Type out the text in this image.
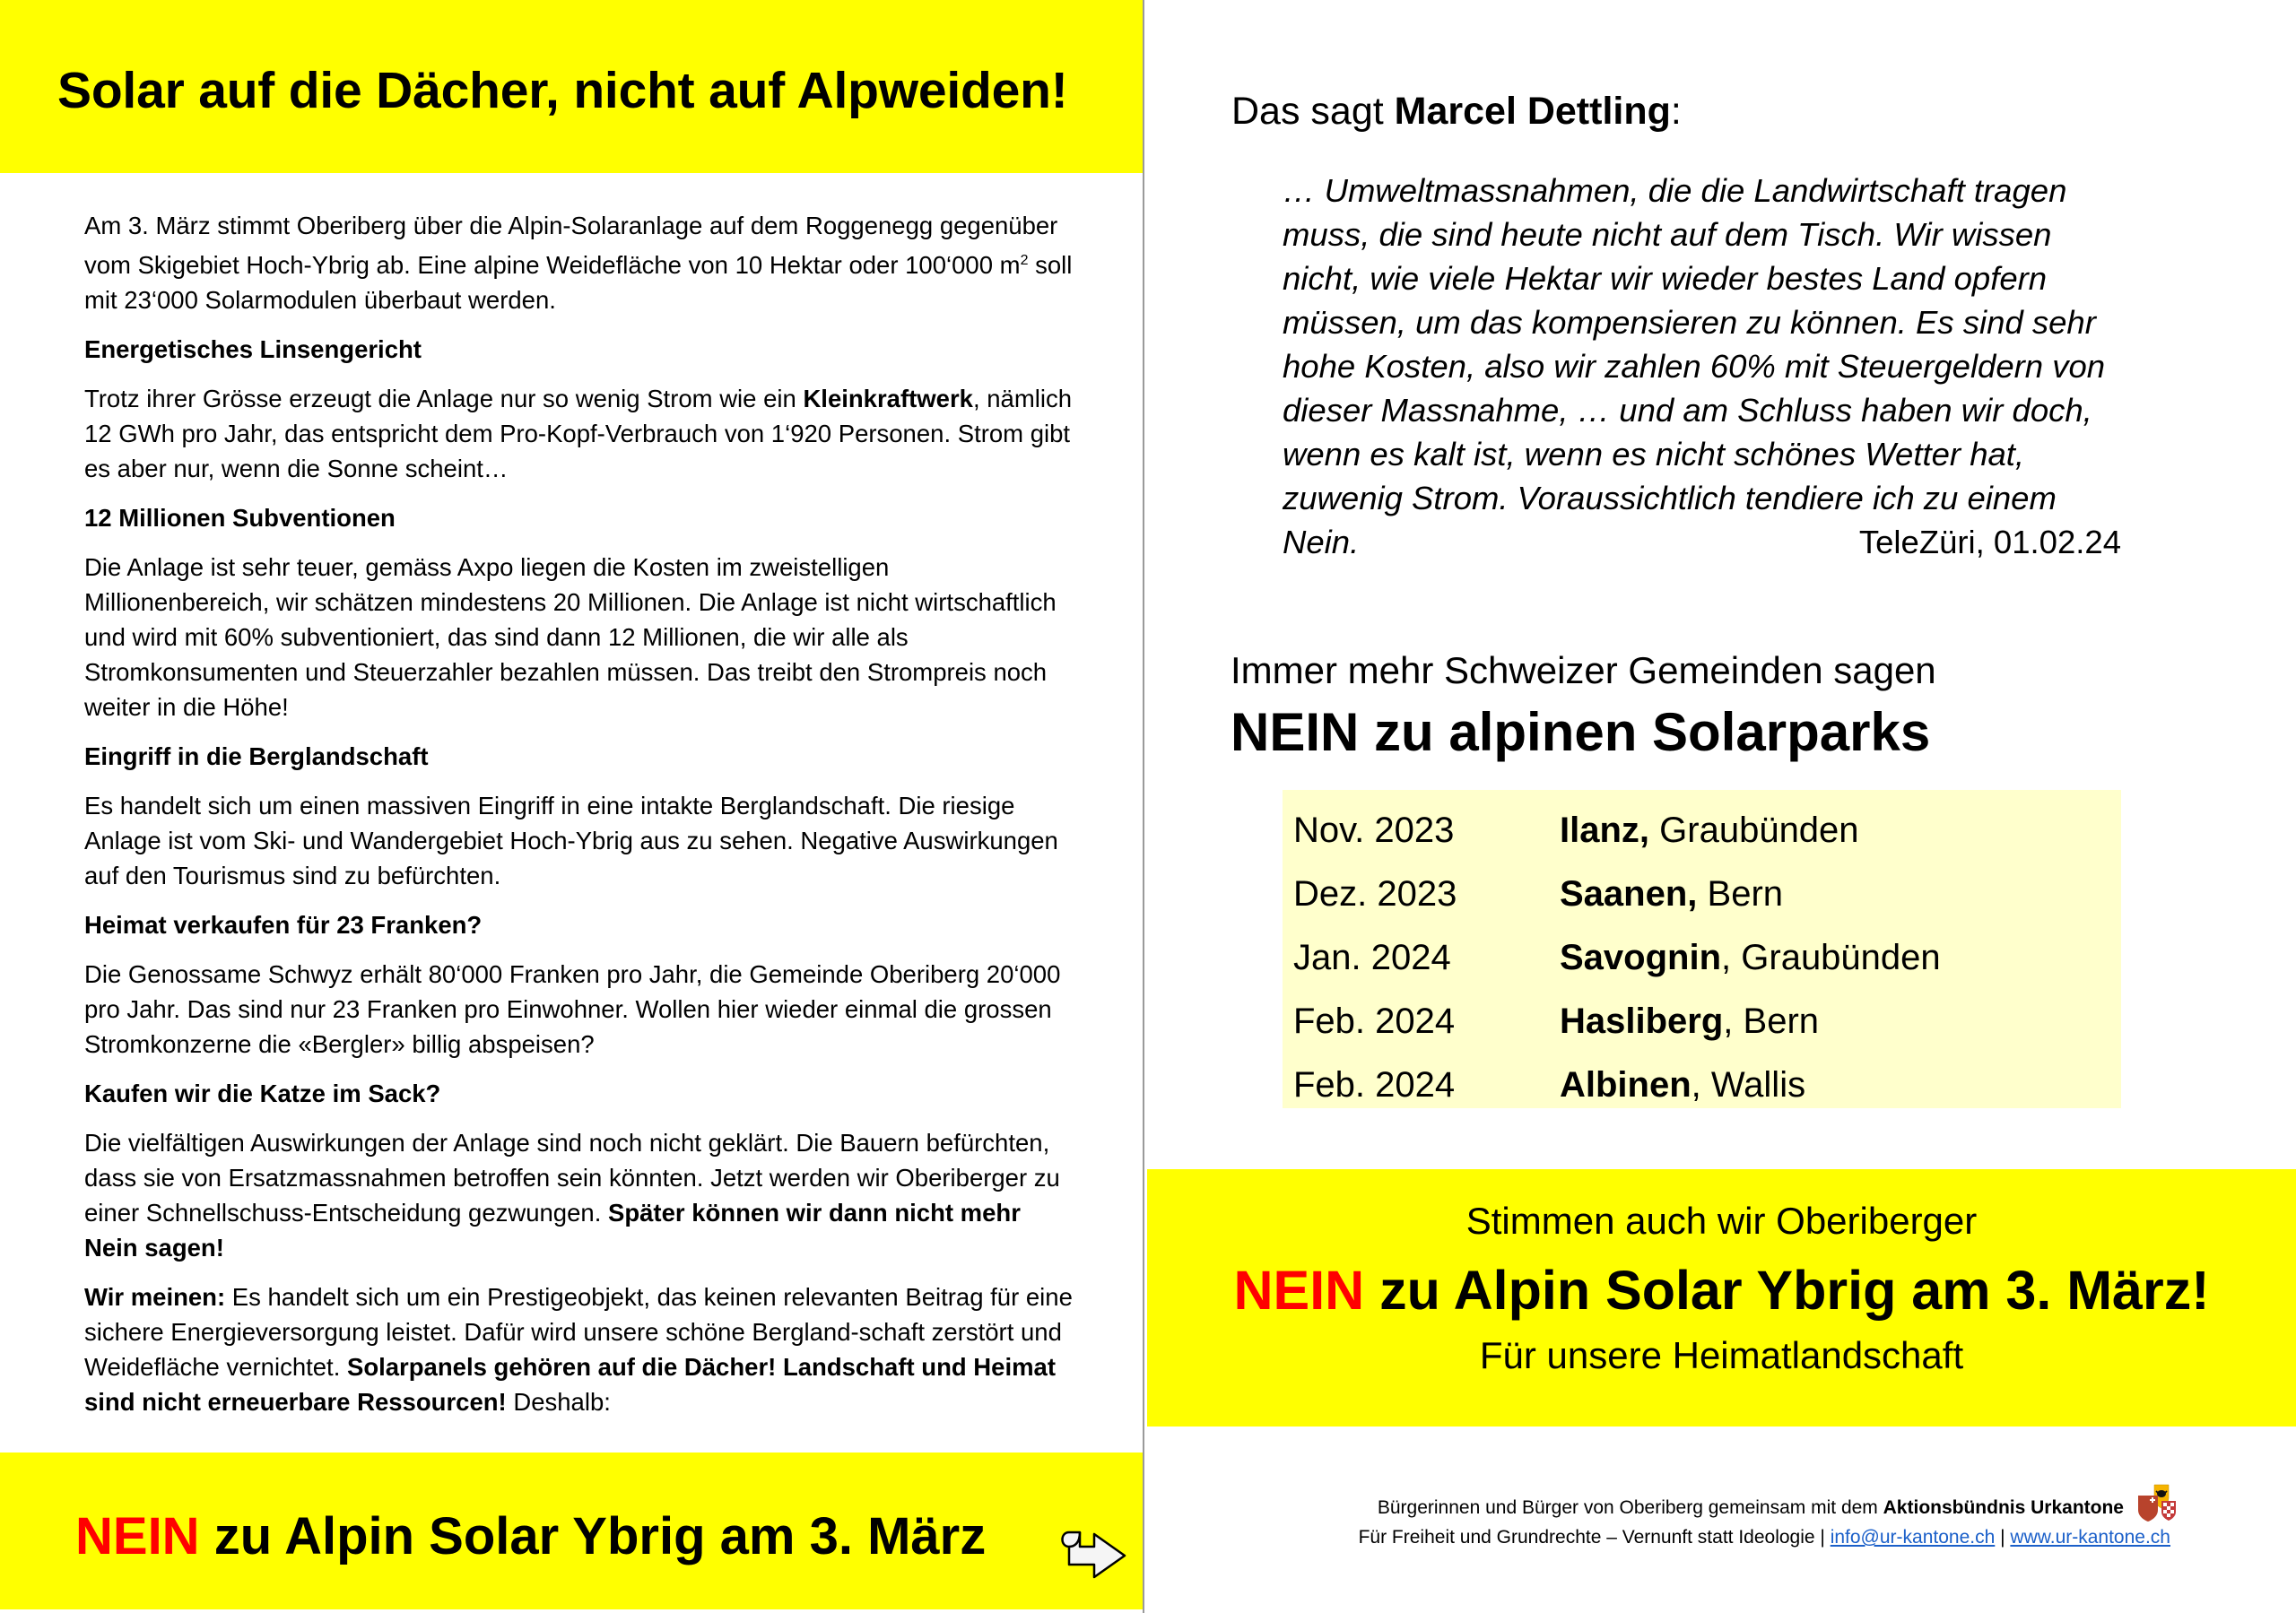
Solar auf die Dächer, nicht auf Alpweiden!

Am 3. März stimmt Oberiberg über die Alpin-Solaranlage auf dem Roggenegg gegenüber vom Skigebiet Hoch-Ybrig ab. Eine alpine Weidefläche von 10 Hektar oder 100‘000 $m^2$ soll mit 23‘000 Solarmodulen überbaut werden.

Energetisches Linsengericht

Trotz ihrer Grösse erzeugt die Anlage nur so wenig Strom wie ein Kleinkraftwerk, nämlich 12 GWh pro Jahr, das entspricht dem Pro-Kopf-Verbrauch von 1‘920 Personen. Strom gibt es aber nur, wenn die Sonne scheint…

12 Millionen Subventionen

Die Anlage ist sehr teuer, gemäss Axpo liegen die Kosten im zweistelligen Millionenbereich, wir schätzen mindestens 20 Millionen. Die Anlage ist nicht wirtschaftlich und wird mit 60% subventioniert, das sind dann 12 Millionen, die wir alle als Stromkonsumenten und Steuerzahler bezahlen müssen. Das treibt den Strompreis noch weiter in die Höhe!

Eingriff in die Berglandschaft

Es handelt sich um einen massiven Eingriff in eine intakte Berglandschaft. Die riesige Anlage ist vom Ski- und Wandergebiet Hoch-Ybrig aus zu sehen. Negative Auswirkungen auf den Tourismus sind zu befürchten.

Heimat verkaufen für 23 Franken?

Die Genossame Schwyz erhält 80‘000 Franken pro Jahr, die Gemeinde Oberiberg 20‘000 pro Jahr. Das sind nur 23 Franken pro Einwohner. Wollen hier wieder einmal die grossen Stromkonzerne die «Bergler» billig abspeisen?

Kaufen wir die Katze im Sack?

Die vielfältigen Auswirkungen der Anlage sind noch nicht geklärt. Die Bauern befürchten, dass sie von Ersatzmassnahmen betroffen sein könnten. Jetzt werden wir Oberiberger zu einer Schnellschuss-Entscheidung gezwungen. Später können wir dann nicht mehr Nein sagen!

Wir meinen: Es handelt sich um ein Prestigeobjekt, das keinen relevanten Beitrag für eine sichere Energieversorgung leistet. Dafür wird unsere schöne Bergland-schaft zerstört und Weidefläche vernichtet. Solarpanels gehören auf die Dächer! Landschaft und Heimat sind nicht erneuerbare Ressourcen! Deshalb:

NEIN zu Alpin Solar Ybrig am 3. März
Das sagt Marcel Dettling:
… Umweltmassnahmen, die die Landwirtschaft tragen
muss, die sind heute nicht auf dem Tisch. Wir wissen
nicht, wie viele Hektar wir wieder bestes Land opfern
müssen, um das kompensieren zu können. Es sind sehr
hohe Kosten, also wir zahlen 60% mit Steuergeldern von
dieser Massnahme, … und am Schluss haben wir doch,
wenn es kalt ist, wenn es nicht schönes Wetter hat,
zuwenig Strom. Voraussichtlich tendiere ich zu einem
Nein.	TeleZüri, 01.02.24
Immer mehr Schweizer Gemeinden sagen
NEIN zu alpinen Solarparks
Nov. 2023	Ilanz, Graubünden
Dez. 2023	Saanen, Bern
Jan. 2024	Savognin, Graubünden
Feb. 2024	Hasliberg, Bern
Feb. 2024	Albinen, Wallis
Stimmen auch wir Oberiberger
NEIN zu Alpin Solar Ybrig am 3. März!
Für unsere Heimatlandschaft
Bürgerinnen und Bürger von Oberiberg gemeinsam mit dem Aktionsbündnis Urkantone
Für Freiheit und Grundrechte – Vernunft statt Ideologie | info@ur-kantone.ch | www.ur-kantone.ch
